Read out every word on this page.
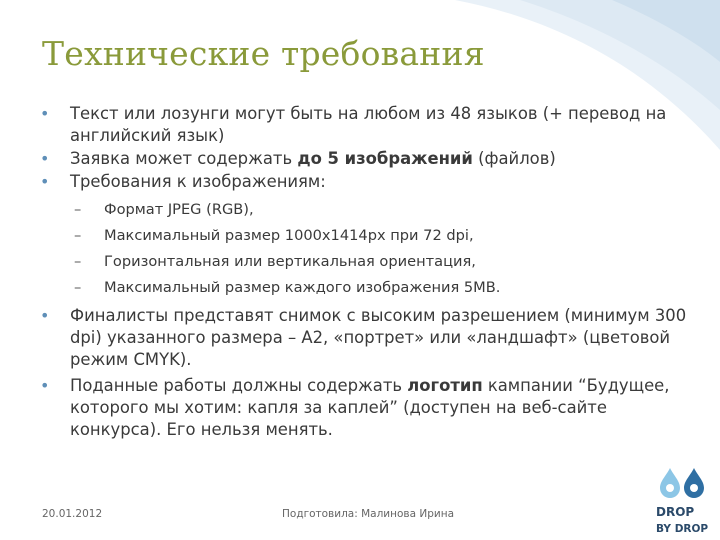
Технические требования

• Текст или лозунги могут быть на любом из 48 языков (+ перевод на английский язык)

• Заявка может содержать до 5 изображений (файлов)

• Требования к изображениям:

– Формат JPEG (RGB),
– Максимальный размер 1000х1414px при 72 dpi,
– Горизонтальная или вертикальная ориентация,
– Максимальный размер каждого изображения 5MB.

• Финалисты представят снимок с высоким разрешением (минимум 300 dpi) указанного размера – А2, «портрет» или «ландшафт» (цветовой режим CMYK).

• Поданные работы должны содержать логотип кампании “Будущее, которого мы хотим: капля за каплей” (доступен на веб-сайте конкурса). Его нельзя менять.

20.01.2012	Подготовила: Малинова Ирина	DROP
BY DROP
